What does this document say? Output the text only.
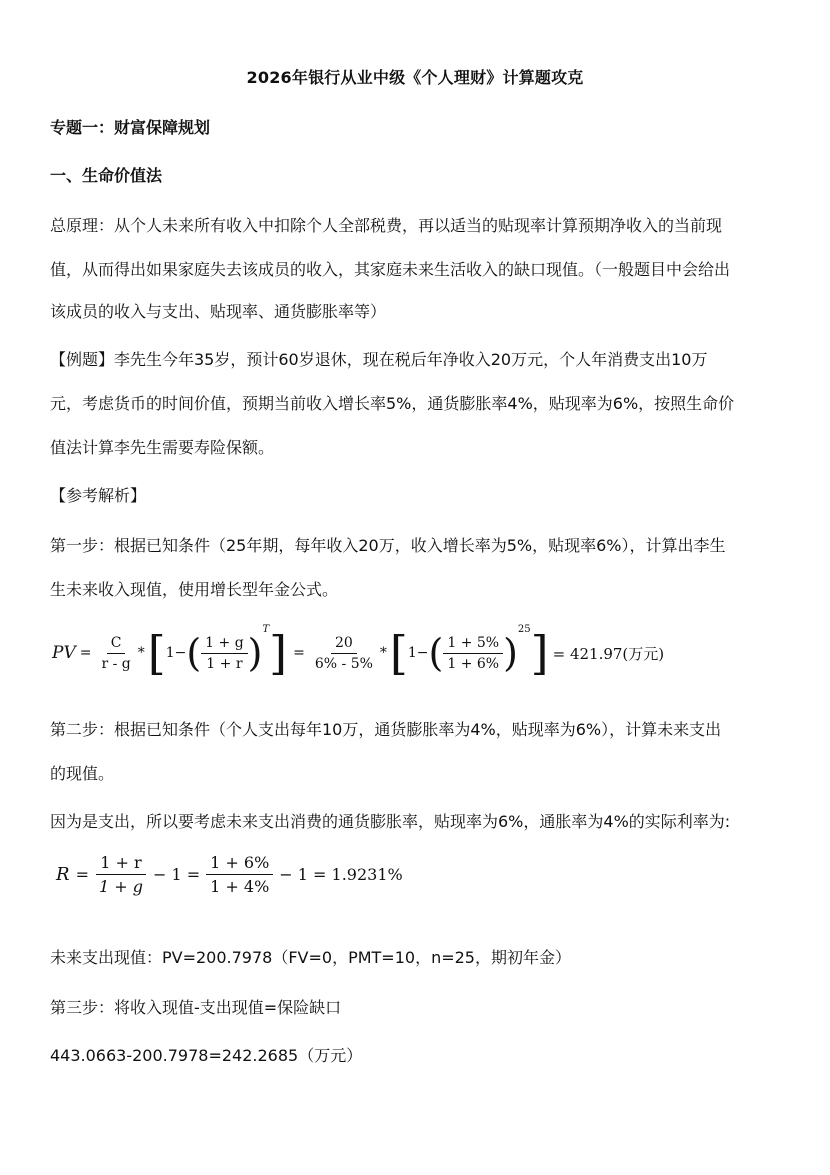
2026年银行从业中级《个人理财》计算题攻克
专题一：财富保障规划
一、生命价值法
总原理：从个人未来所有收入中扣除个人全部税费，再以适当的贴现率计算预期净收入的当前现
值，从而得出如果家庭失去该成员的收入，其家庭未来生活收入的缺口现值。（一般题目中会给出
该成员的收入与支出、贴现率、通货膨胀率等）
【例题】李先生今年35岁，预计60岁退休，现在税后年净收入20万元，个人年消费支出10万
元，考虑货币的时间价值，预期当前收入增长率5%，通货膨胀率4%，贴现率为6%，按照生命价
值法计算李先生需要寿险保额。
【参考解析】
第一步：根据已知条件（25年期，每年收入20万，收入增长率为5%，贴现率6%），计算出李生
生未来收入现值，使用增长型年金公式。
PV = $\frac{C}{r - g}$ * [ 1− ( $\frac{1 + g}{1 + r}$ )
T ] = $\frac{20}{6\% - 5\%}$ * [ 1− ( $\frac{1 + 5\%}{1 + 6\%}$ )
25 ] = 421.97(万元)
第二步：根据已知条件（个人支出每年10万，通货膨胀率为4%，贴现率为6%），计算未来支出
的现值。
因为是支出，所以要考虑未来支出消费的通货膨胀率，贴现率为6%，通胀率为4%的实际利率为:
$R = \frac{1 + r}{1 + g} - 1 = \frac{1 + 6\%}{1 + 4\%} - 1 = 1.9231\%$
未来支出现值：PV=200.7978（FV=0，PMT=10，n=25，期初年金）
第三步：将收入现值-支出现值=保险缺口
443.0663-200.7978=242.2685（万元）
